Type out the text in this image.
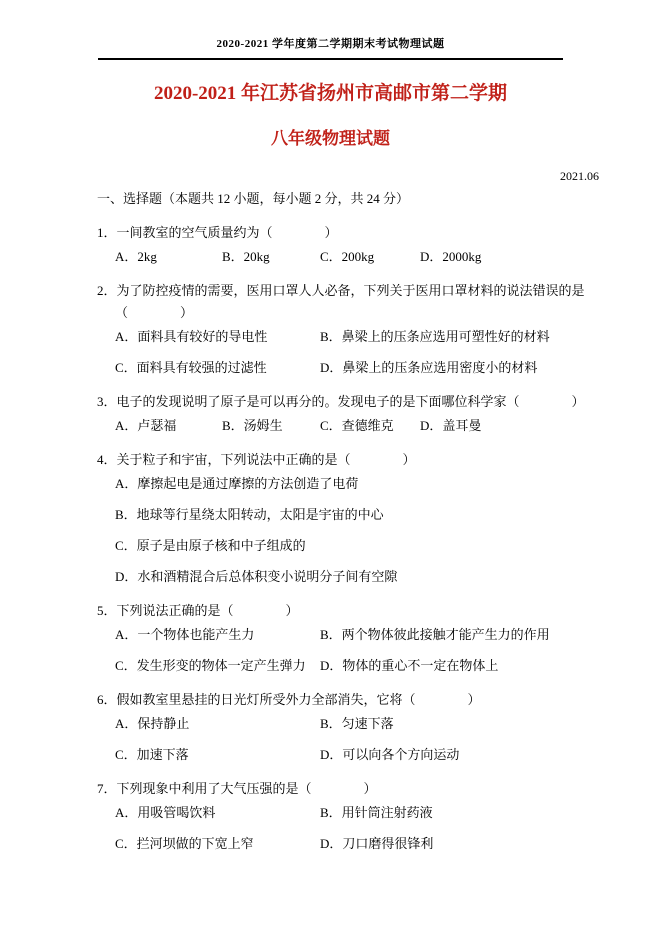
2020-2021 学年度第二学期期末考试物理试题
2020-2021 年江苏省扬州市高邮市第二学期
八年级物理试题
2021.06
一、选择题（本题共 12 小题，每小题 2 分，共 24 分）
1．一间教室的空气质量约为（　　　　）
A．2kg	B．20kg	C．200kg	D．2000kg
2．为了防控疫情的需要，医用口罩人人必备，下列关于医用口罩材料的说法错误的是
（　　　　）
A．面料具有较好的导电性	B．鼻梁上的压条应选用可塑性好的材料
C．面料具有较强的过滤性	D．鼻梁上的压条应选用密度小的材料
3．电子的发现说明了原子是可以再分的。发现电子的是下面哪位科学家（　　　　）
A．卢瑟福	B．汤姆生	C．查德维克	D．盖耳曼
4．关于粒子和宇宙，下列说法中正确的是（　　　　）
A．摩擦起电是通过摩擦的方法创造了电荷
B．地球等行星绕太阳转动，太阳是宇宙的中心
C．原子是由原子核和中子组成的
D．水和酒精混合后总体积变小说明分子间有空隙
5．下列说法正确的是（　　　　）
A．一个物体也能产生力	B．两个物体彼此接触才能产生力的作用
C．发生形变的物体一定产生弹力	D．物体的重心不一定在物体上
6．假如教室里悬挂的日光灯所受外力全部消失，它将（　　　　）
A．保持静止	B．匀速下落
C．加速下落	D．可以向各个方向运动
7．下列现象中利用了大气压强的是（　　　　）
A．用吸管喝饮料	B．用针筒注射药液
C．拦河坝做的下宽上窄	D．刀口磨得很锋利
